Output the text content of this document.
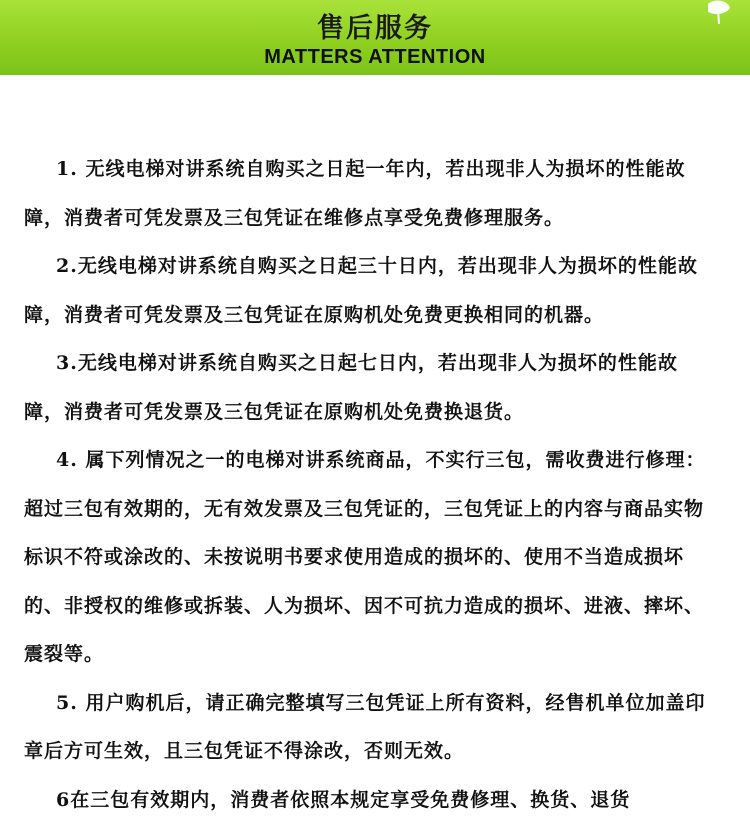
售后服务
MATTERS ATTENTION

1. 无线电梯对讲系统自购买之日起一年内，若出现非人为损坏的性能故障，消费者可凭发票及三包凭证在维修点享受免费修理服务。

2.无线电梯对讲系统自购买之日起三十日内，若出现非人为损坏的性能故障，消费者可凭发票及三包凭证在原购机处免费更换相同的机器。

3.无线电梯对讲系统自购买之日起七日内，若出现非人为损坏的性能故障，消费者可凭发票及三包凭证在原购机处免费换退货。

4. 属下列情况之一的电梯对讲系统商品，不实行三包，需收费进行修理：超过三包有效期的，无有效发票及三包凭证的，三包凭证上的内容与商品实物标识不符或涂改的、未按说明书要求使用造成的损坏的、使用不当造成损坏的、非授权的维修或拆装、人为损坏、因不可抗力造成的损坏、进液、摔坏、震裂等。

5. 用户购机后，请正确完整填写三包凭证上所有资料，经售机单位加盖印章后方可生效，且三包凭证不得涂改，否则无效。

6在三包有效期内，消费者依照本规定享受免费修理、换货、退货
